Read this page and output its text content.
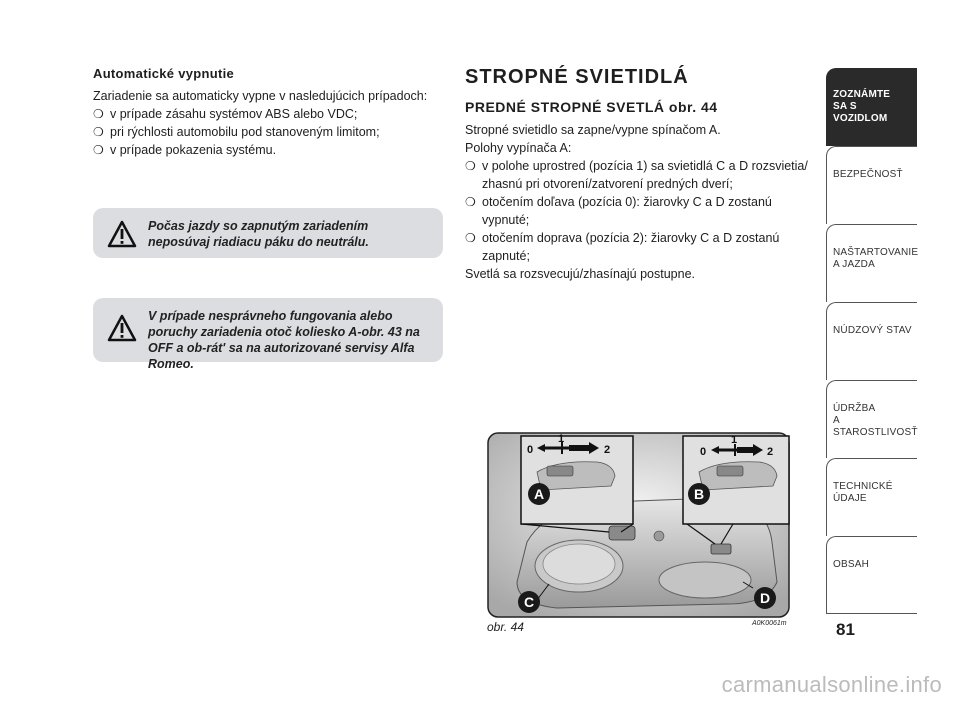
Automatické vypnutie

Zariadenie sa automaticky vypne v nasledujúcich prípadoch:

❍ v prípade zásahu systémov ABS alebo VDC;
❍ pri rýchlosti automobilu pod stanoveným limitom;
❍ v prípade pokazenia systému.
Počas jazdy so zapnutým zariadením neposúvaj riadiacu páku do neutrálu.
V prípade nesprávneho fungovania alebo poruchy zariadenia otoč koliesko A-obr. 43 na OFF a ob-rát' sa na autorizované servisy Alfa Romeo.
STROPNÉ SVIETIDLÁ
PREDNÉ STROPNÉ SVETLÁ obr. 44

Stropné svietidlo sa zapne/vypne spínačom A.

Polohy vypínača A:

❍ v polohe uprostred (pozícia 1) sa svietidlá C a D rozsvietia/ zhasnú pri otvorení/zatvorení predných dverí;
❍ otočením doľava (pozícia 0): žiarovky C a D zostanú vypnuté;
❍ otočením doprava (pozícia 2): žiarovky C a D zostanú zapnuté;

Svetlá sa rozsvecujú/zhasínajú postupne.

0
1
2
A
0
1
2
B
C	D
obr. 44	A0K0061m
ZOZNÁMTE
SA S VOZIDLOM
BEZPEČNOSŤ
NAŠTARTOVANIE
A JAZDA
NÚDZOVÝ STAV
ÚDRŽBA
A STAROSTLIVOSŤ
TECHNICKÉ
ÚDAJE
OBSAH
81
carmanualsonline.info
